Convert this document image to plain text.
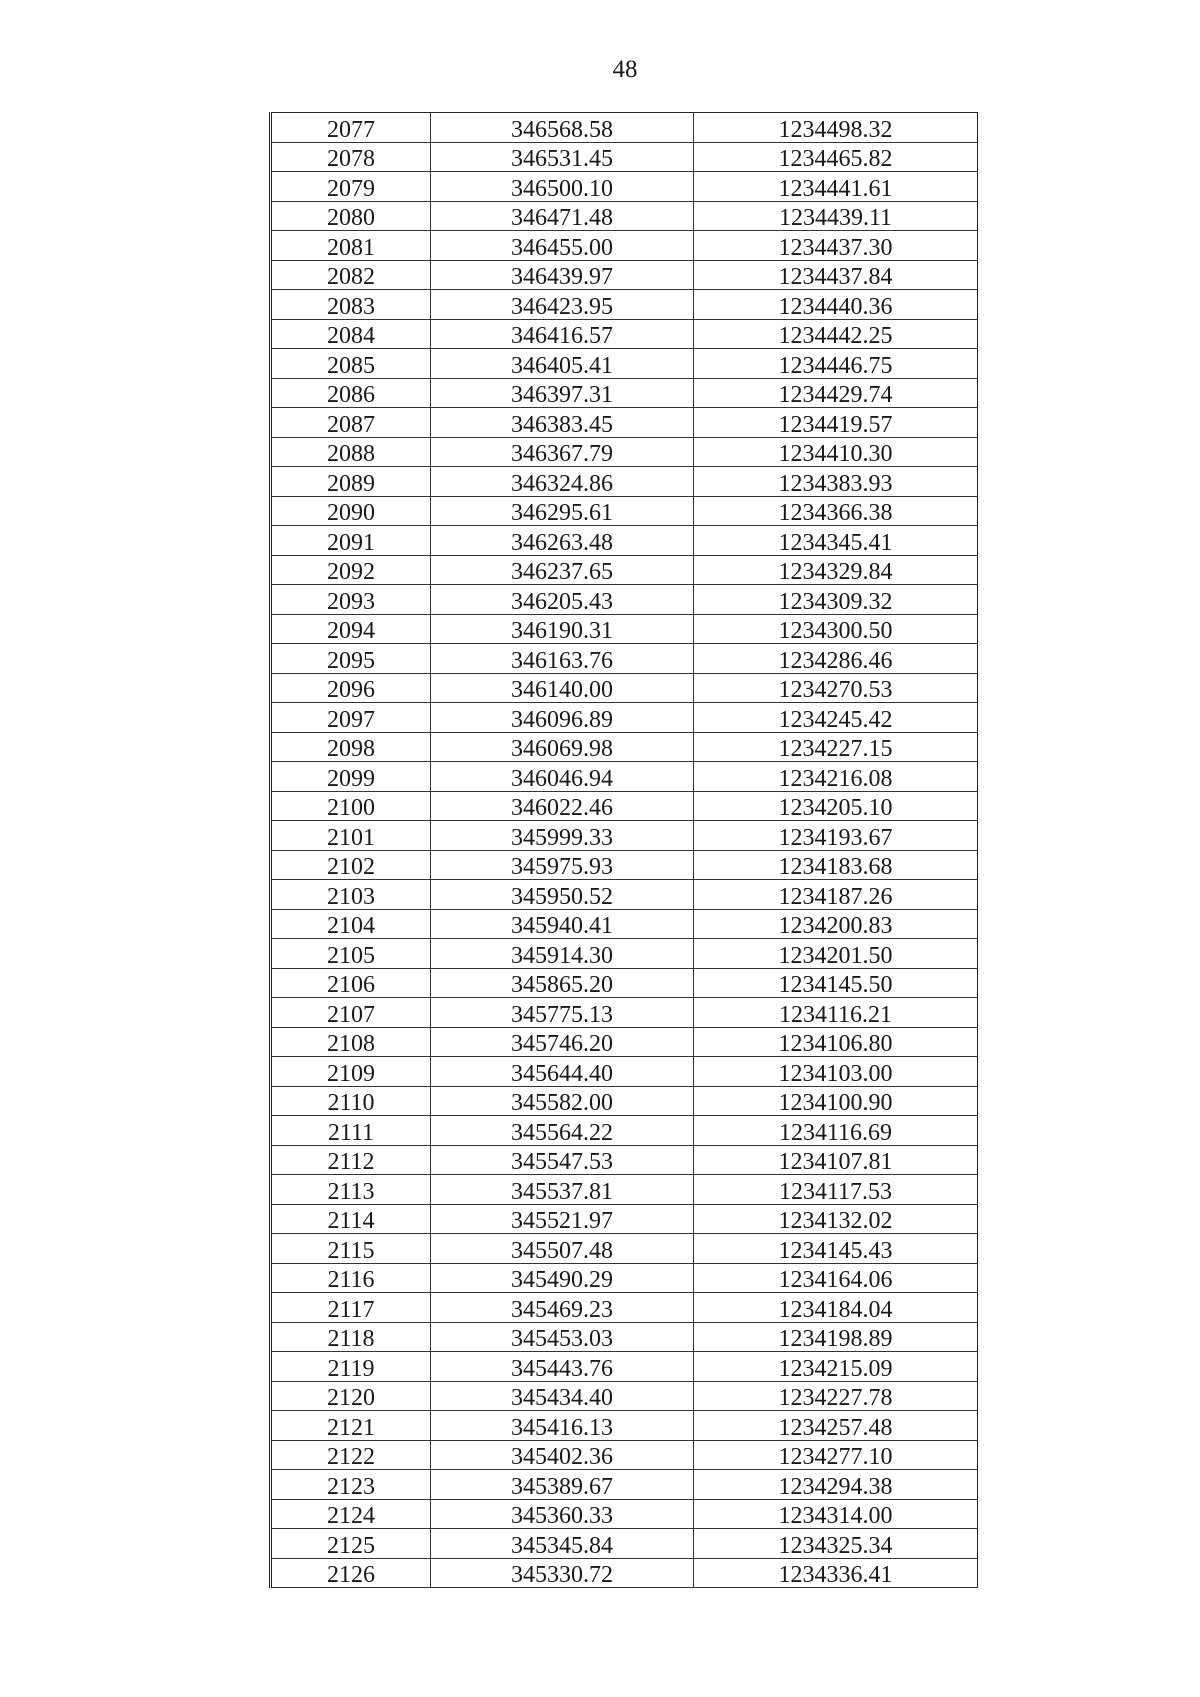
48
2077	346568.58	1234498.32
2078	346531.45	1234465.82
2079	346500.10	1234441.61
2080	346471.48	1234439.11
2081	346455.00	1234437.30
2082	346439.97	1234437.84
2083	346423.95	1234440.36
2084	346416.57	1234442.25
2085	346405.41	1234446.75
2086	346397.31	1234429.74
2087	346383.45	1234419.57
2088	346367.79	1234410.30
2089	346324.86	1234383.93
2090	346295.61	1234366.38
2091	346263.48	1234345.41
2092	346237.65	1234329.84
2093	346205.43	1234309.32
2094	346190.31	1234300.50
2095	346163.76	1234286.46
2096	346140.00	1234270.53
2097	346096.89	1234245.42
2098	346069.98	1234227.15
2099	346046.94	1234216.08
2100	346022.46	1234205.10
2101	345999.33	1234193.67
2102	345975.93	1234183.68
2103	345950.52	1234187.26
2104	345940.41	1234200.83
2105	345914.30	1234201.50
2106	345865.20	1234145.50
2107	345775.13	1234116.21
2108	345746.20	1234106.80
2109	345644.40	1234103.00
2110	345582.00	1234100.90
2111	345564.22	1234116.69
2112	345547.53	1234107.81
2113	345537.81	1234117.53
2114	345521.97	1234132.02
2115	345507.48	1234145.43
2116	345490.29	1234164.06
2117	345469.23	1234184.04
2118	345453.03	1234198.89
2119	345443.76	1234215.09
2120	345434.40	1234227.78
2121	345416.13	1234257.48
2122	345402.36	1234277.10
2123	345389.67	1234294.38
2124	345360.33	1234314.00
2125	345345.84	1234325.34
2126	345330.72	1234336.41
